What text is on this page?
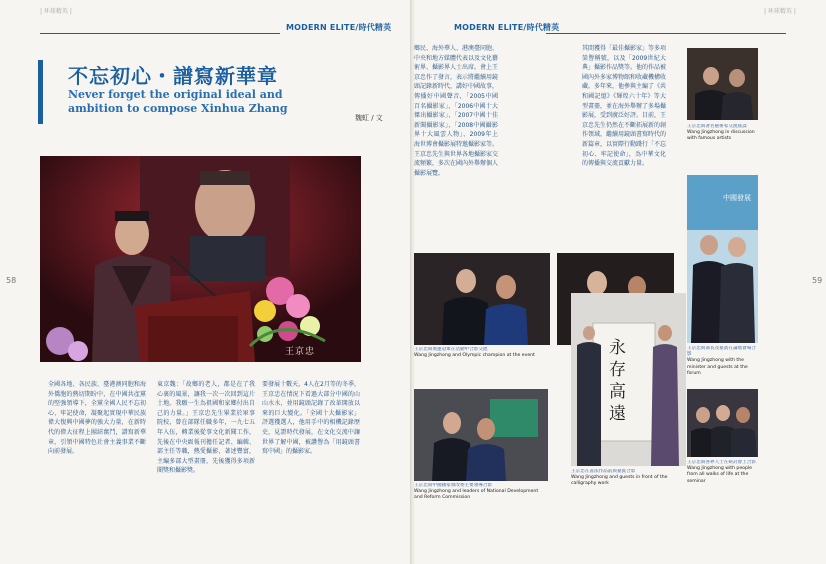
| 环球精英 |
MODERN ELITE/時代精英
58
不忘初心・譜寫新華章
Never forget the original ideal and ambition to compose Xinhua Zhang
魏虹 / 文
王京忠
全國各地、各民族、臺港澳同胞和海外僑胞的熱切期盼中，在中國共產黨的堅強領導下，全黨全國人民不忘初心、牢記使命，凝聚起實現中華民族偉大復興中國夢的強大力量，在新時代的偉大征程上團結奮鬥，譜寫新華章，引領中國特色社會主義事業不斷向前發展。
東京魏：「故鄉的老人，都是在了我心裏的風景，讓我一次一次回到這片土地。我願一生為祖國和家鄉付出自己的力量。」王京忠先生畢業於軍事院校，曾在部隊任職多年，一九七五年入伍，轉業後從事文化新聞工作，先後在中央級報刊擔任記者、編輯、部主任等職，熱愛攝影，著述豐富，主編多部大型畫冊，先後獲得多項新聞獎和攝影獎。
要發展十數天，4人在2月等的冬季，王京忠在情況下看過大部分中國的山山水水，並用鏡頭記錄了改革開放以來的巨大變化。「全國十大攝影家」評選獲選人，他用手中的相機記錄歷史，見證時代發展，在文化交流中讓世界了解中國，被讚譽為「用鏡頭書寫中國」的攝影家。
MODERN ELITE/時代精英
| 环球精英 |
59
鄉民、海外華人、港澳臺同胞、中央和地方媒體代表以及文化藝術界、攝影界人士出席。會上王京忠作了發言，表示將繼續用鏡頭記錄新時代，講好中國故事，傳播好中國聲音，「2005中國百名攝影家」、「2006中國十大傑出攝影家」、「2007中國十佳新聞攝影家」、「2008中國攝影界十大風雲人物」、2009年上海世博會攝影展特邀攝影家等。王京忠先生與世界各地攝影家交流頻繁，多次在國內外舉辦個人攝影展覽。
其間獲得「最佳攝影家」等多項榮譽稱號，以及「2009世紀大典」攝影作品獎等。他的作品被國內外多家博物館和收藏機構收藏。多年來，他參與主編了《共和國記憶》《輝煌六十年》等大型畫冊，並在海外舉辦了多場攝影展，受到廣泛好評。目前，王京忠先生仍然在不斷拓展新的創作領域，繼續用鏡頭書寫時代的新篇章，以實際行動踐行「不忘初心、牢記使命」，為中華文化的傳播與交流貢獻力量。
王京忠與奧運冠軍在活動中合影交流
Wang Jingzhong and Olympic champion at the event
王京忠與中國國家發改委主要領導合影
Wang Jingzhong and leaders of National Development and Reform Commission
永存高遠
王京忠在書法作品前與嘉賓合影
Wang Jingzhong and guests in front of the calligraphy work
王京忠與著名藝術家交流座談
Wang Jingzhong in discussion with famous artists
中國發展
王京忠與部長及嘉賓在論壇會場合影
Wang Jingzhong with the minister and guests at the forum
王京忠與各界人士在研討會上合影
Wang Jingzhong with people from all walks of life at the seminar
